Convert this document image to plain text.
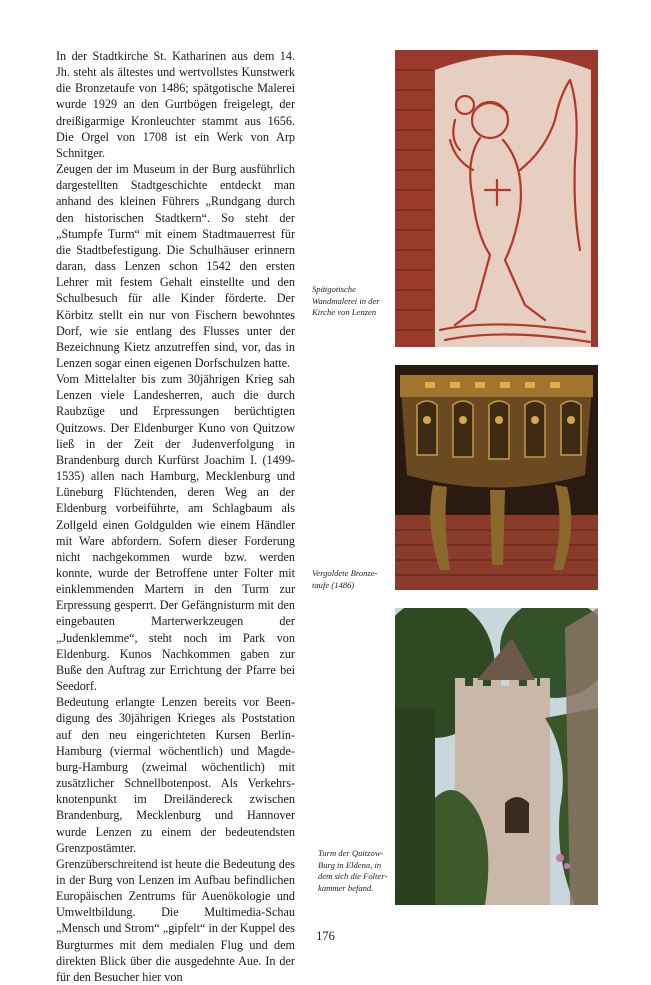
In der Stadtkirche St. Katharinen aus dem 14. Jh. steht als ältestes und wertvollstes Kunstwerk die Bronzetaufe von 1486; spätgotische Malerei wurde 1929 an den Gurtbögen freigelegt, der dreißigarmige Kronleuchter stammt aus 1656. Die Orgel von 1708 ist ein Werk von Arp Schnitger.

Zeugen der im Museum in der Burg ausführlich dargestellten Stadtgeschichte entdeckt man anhand des kleinen Führers „Rundgang durch den historischen Stadtkern“. So steht der „Stumpfe Turm“ mit einem Stadtmauerrest für die Stadtbefestigung. Die Schulhäuser erinnern daran, dass Lenzen schon 1542 den ersten Lehrer mit festem Gehalt einstellte und den Schulbesuch für alle Kinder förderte. Der Körbitz stellt ein nur von Fischern bewohntes Dorf, wie sie entlang des Flusses unter der Bezeichnung Kietz anzutreffen sind, vor, das in Lenzen sogar einen eigenen Dorfschulzen hatte.

Vom Mittelalter bis zum 30jährigen Krieg sah Lenzen viele Landesherren, auch die durch Raubzüge und Erpressungen berüchtigten Quitzows. Der Eldenburger Kuno von Quitzow ließ in der Zeit der Judenverfolgung in Brandenburg durch Kurfürst Joachim I. (1499-1535) allen nach Hamburg, Mecklenburg und Lüneburg Flüchtenden, deren Weg an der Eldenburg vorbeiführte, am Schlagbaum als Zollgeld einen Goldgulden wie einem Händler mit Ware abfordern. Sofern dieser Forderung nicht nachgekommen wurde bzw. werden konnte, wurde der Betroffene unter Folter mit einklemmenden Martern in den Turm zur Erpressung gesperrt. Der Gefängnisturm mit den eingebauten Marterwerkzeugen der „Judenklemme“, steht noch im Park von Eldenburg. Kunos Nachkommen gaben zur Buße den Auftrag zur Errichtung der Pfarre bei Seedorf.

Bedeutung erlangte Lenzen bereits vor Beendigung des 30jährigen Krieges als Poststation auf den neu eingerichteten Kursen Berlin-Hamburg (viermal wöchentlich) und Magdeburg-Hamburg (zweimal wöchentlich) mit zusätzlicher Schnellbotenpost. Als Verkehrsknotenpunkt im Dreiländereck zwischen Brandenburg, Mecklenburg und Hannover wurde Lenzen zu einem der bedeutendsten Grenzpostämter.

Grenzüberschreitend ist heute die Bedeutung des in der Burg von Lenzen im Aufbau befindlichen Europäischen Zentrums für Auenökologie und Umweltbildung. Die Multimedia-Schau „Mensch und Strom“ „gipfelt“ in der Kuppel des Burgturmes mit dem medialen Flug und dem direkten Blick über die ausgedehnte Aue. In der für den Besucher hier von

Spätgotische Wandmalerei in der Kirche von Lenzen
Vergoldete Bronzetaufe (1486)
Turm der Quitzow-Burg in Eldena, in dem sich die Folterkammer befand.
176
